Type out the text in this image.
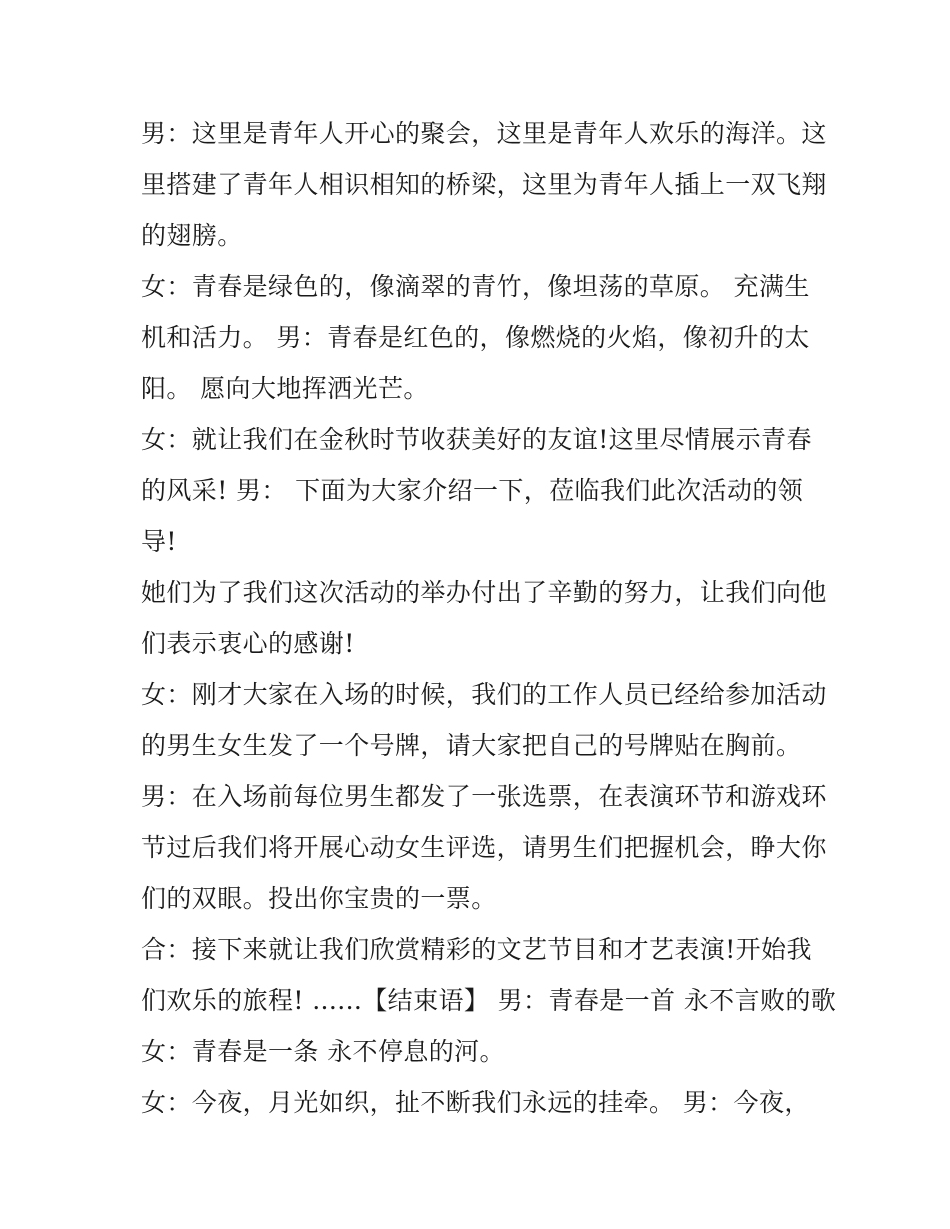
男：这里是青年人开心的聚会，这里是青年人欢乐的海洋。这
里搭建了青年人相识相知的桥梁，这里为青年人插上一双飞翔
的翅膀。
女：青春是绿色的，像滴翠的青竹，像坦荡的草原。 充满生
机和活力。 男：青春是红色的，像燃烧的火焰，像初升的太
阳。 愿向大地挥洒光芒。
女：就让我们在金秋时节收获美好的友谊!这里尽情展示青春
的风采! 男： 下面为大家介绍一下，莅临我们此次活动的领
导!
她们为了我们这次活动的举办付出了辛勤的努力，让我们向他
们表示衷心的感谢!
女：刚才大家在入场的时候，我们的工作人员已经给参加活动
的男生女生发了一个号牌，请大家把自己的号牌贴在胸前。
男：在入场前每位男生都发了一张选票，在表演环节和游戏环
节过后我们将开展心动女生评选，请男生们把握机会，睁大你
们的双眼。投出你宝贵的一票。
合：接下来就让我们欣赏精彩的文艺节目和才艺表演!开始我
们欢乐的旅程! ......【结束语】 男：青春是一首 永不言败的歌
女：青春是一条 永不停息的河。
女：今夜，月光如织，扯不断我们永远的挂牵。 男：今夜，
